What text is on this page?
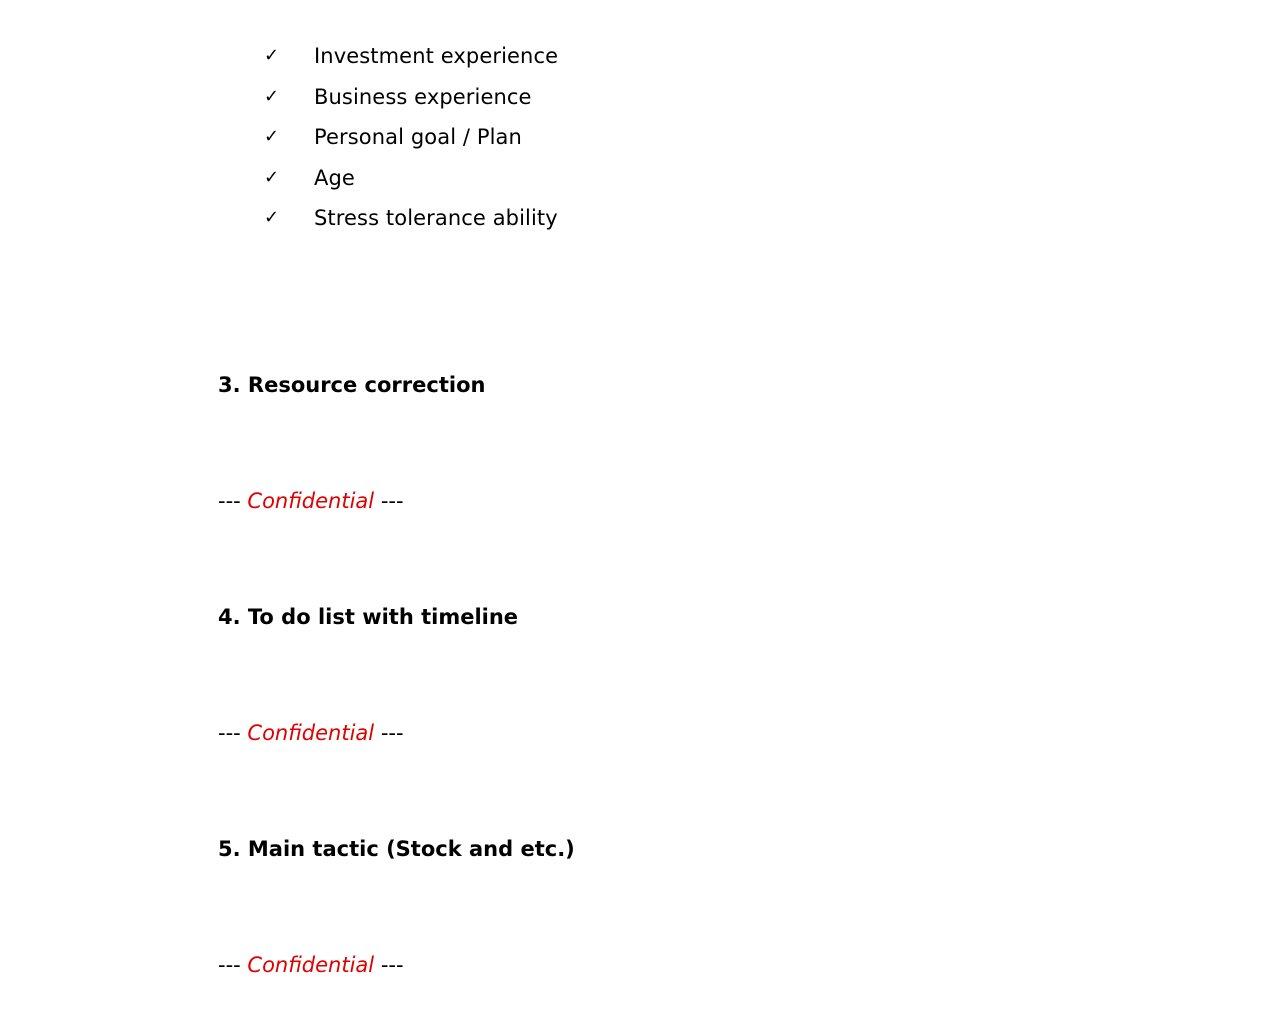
✓	Investment experience
✓	Business experience
✓	Personal goal / Plan
✓	Age
✓	Stress tolerance ability
3. Resource correction

--- Confidential ---

4. To do list with timeline

--- Confidential ---

5. Main tactic (Stock and etc.)

--- Confidential ---
